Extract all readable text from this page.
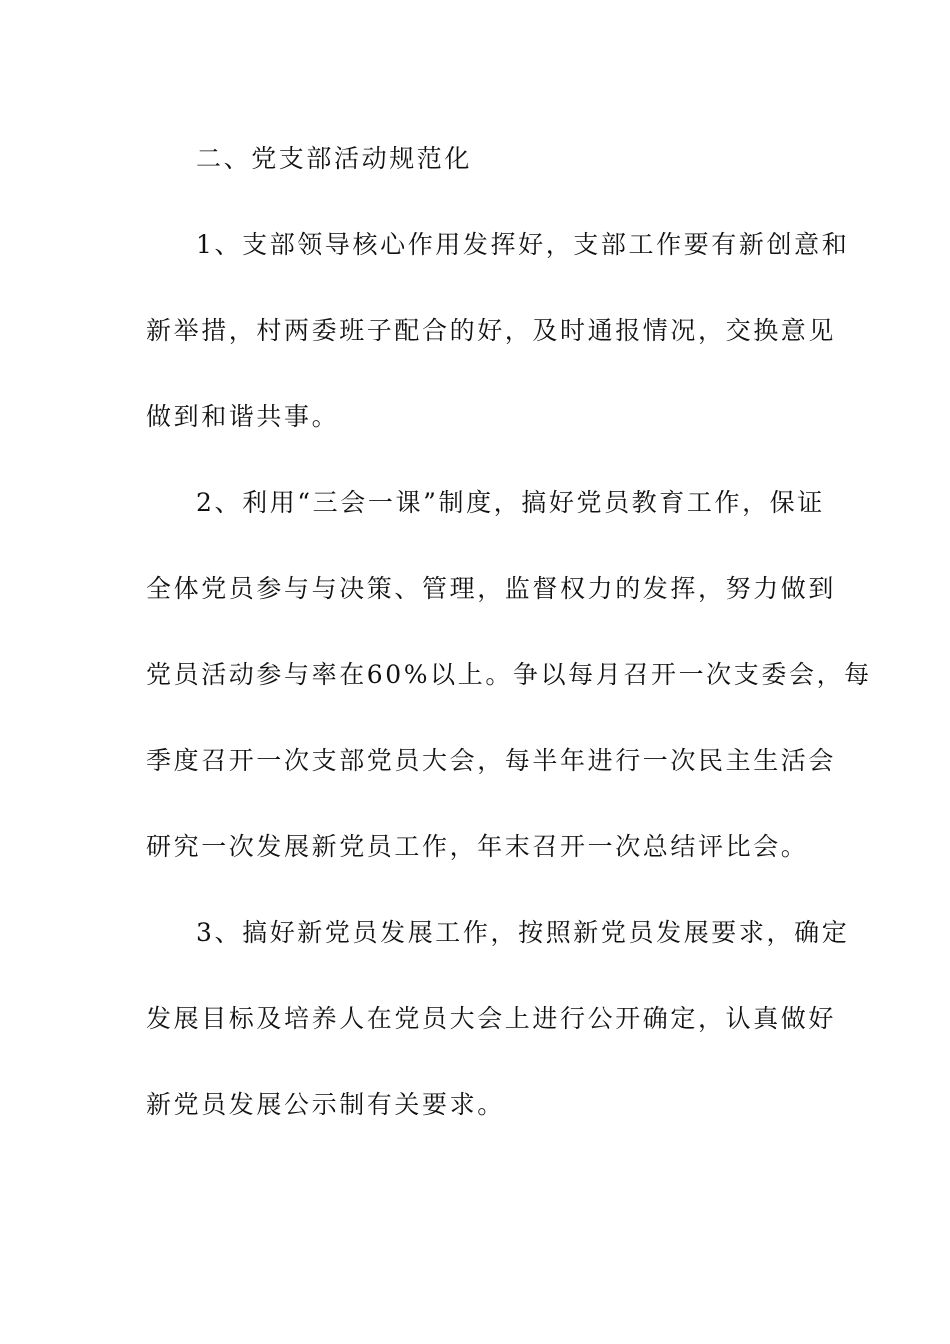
二、党支部活动规范化
1、支部领导核心作用发挥好，支部工作要有新创意和
新举措，村两委班子配合的好，及时通报情况，交换意见
做到和谐共事。
2、利用“三会一课”制度，搞好党员教育工作，保证
全体党员参与与决策、管理，监督权力的发挥，努力做到
党员活动参与率在60%以上。争以每月召开一次支委会，每
季度召开一次支部党员大会，每半年进行一次民主生活会
研究一次发展新党员工作，年末召开一次总结评比会。
3、搞好新党员发展工作，按照新党员发展要求，确定
发展目标及培养人在党员大会上进行公开确定，认真做好
新党员发展公示制有关要求。
